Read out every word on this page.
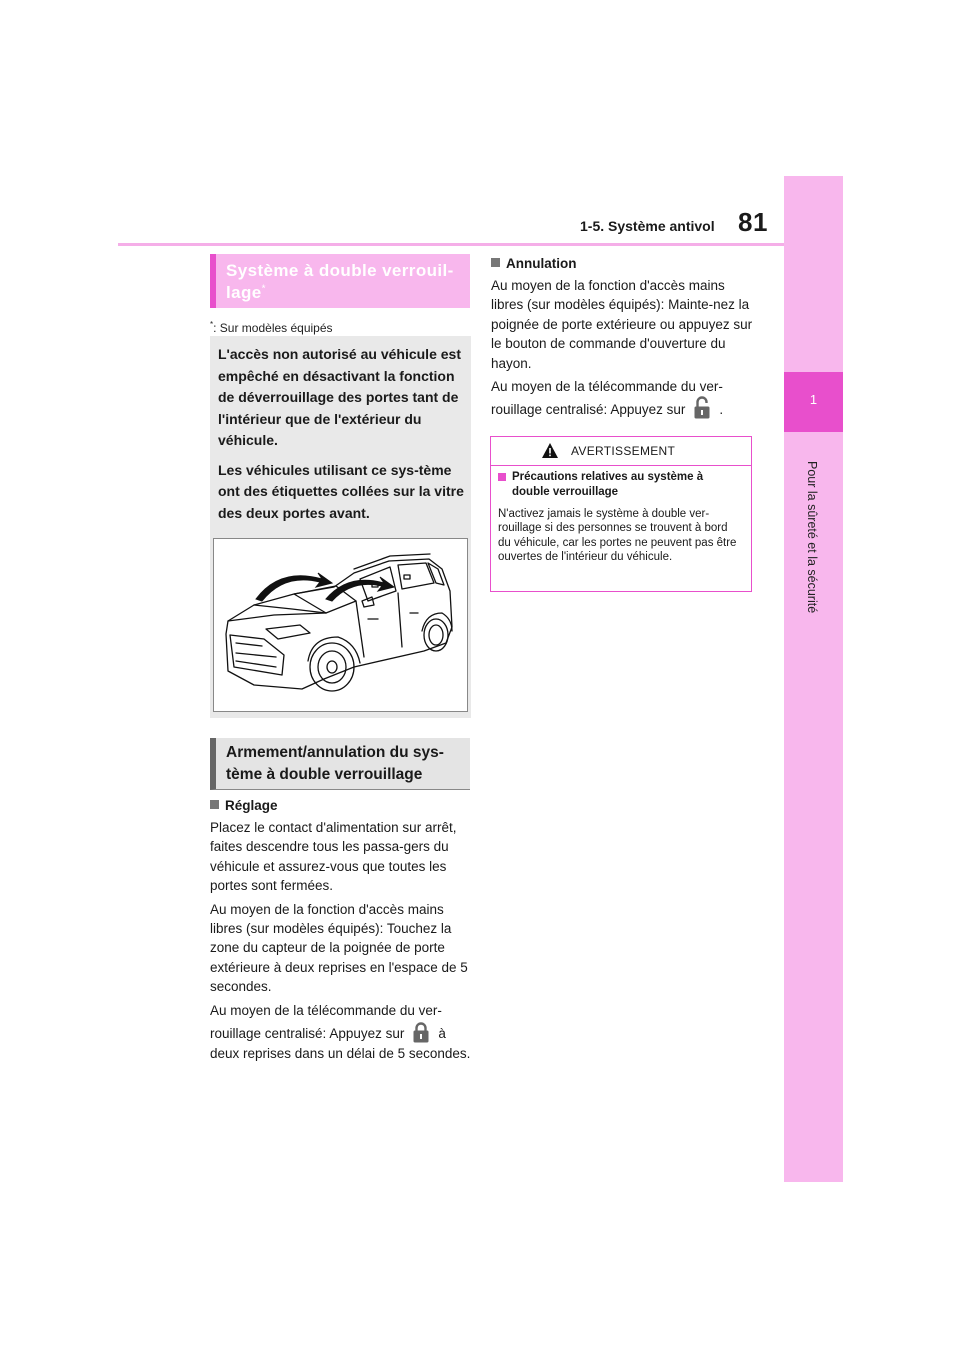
1-5. Système antivol 81
1
Pour la sûreté et la sécurité
Système à double verrouil-lage*
*: Sur modèles équipés

L'accès non autorisé au véhicule est empêché en désactivant la fonction de déverrouillage des portes tant de l'intérieur que de l'extérieur du véhicule.

Les véhicules utilisant ce sys-tème ont des étiquettes collées sur la vitre des deux portes avant.

Armement/annulation du sys-tème à double verrouillage
Réglage

Placez le contact d'alimentation sur arrêt, faites descendre tous les passa-gers du véhicule et assurez-vous que toutes les portes sont fermées.

Au moyen de la fonction d'accès mains libres (sur modèles équipés): Touchez la zone du capteur de la poignée de porte extérieure à deux reprises en l'espace de 5 secondes.

Au moyen de la télécommande du ver-rouillage centralisé: Appuyez sur	à deux reprises dans un délai de 5 secondes.

Annulation

Au moyen de la fonction d'accès mains libres (sur modèles équipés): Mainte-nez la poignée de porte extérieure ou appuyez sur le bouton de commande d'ouverture du hayon.

Au moyen de la télécommande du ver-rouillage centralisé: Appuyez sur	.

AVERTISSEMENT
Précautions relatives au système à double verrouillage
N'activez jamais le système à double ver-rouillage si des personnes se trouvent à bord du véhicule, car les portes ne peuvent pas être ouvertes de l'intérieur du véhicule.
